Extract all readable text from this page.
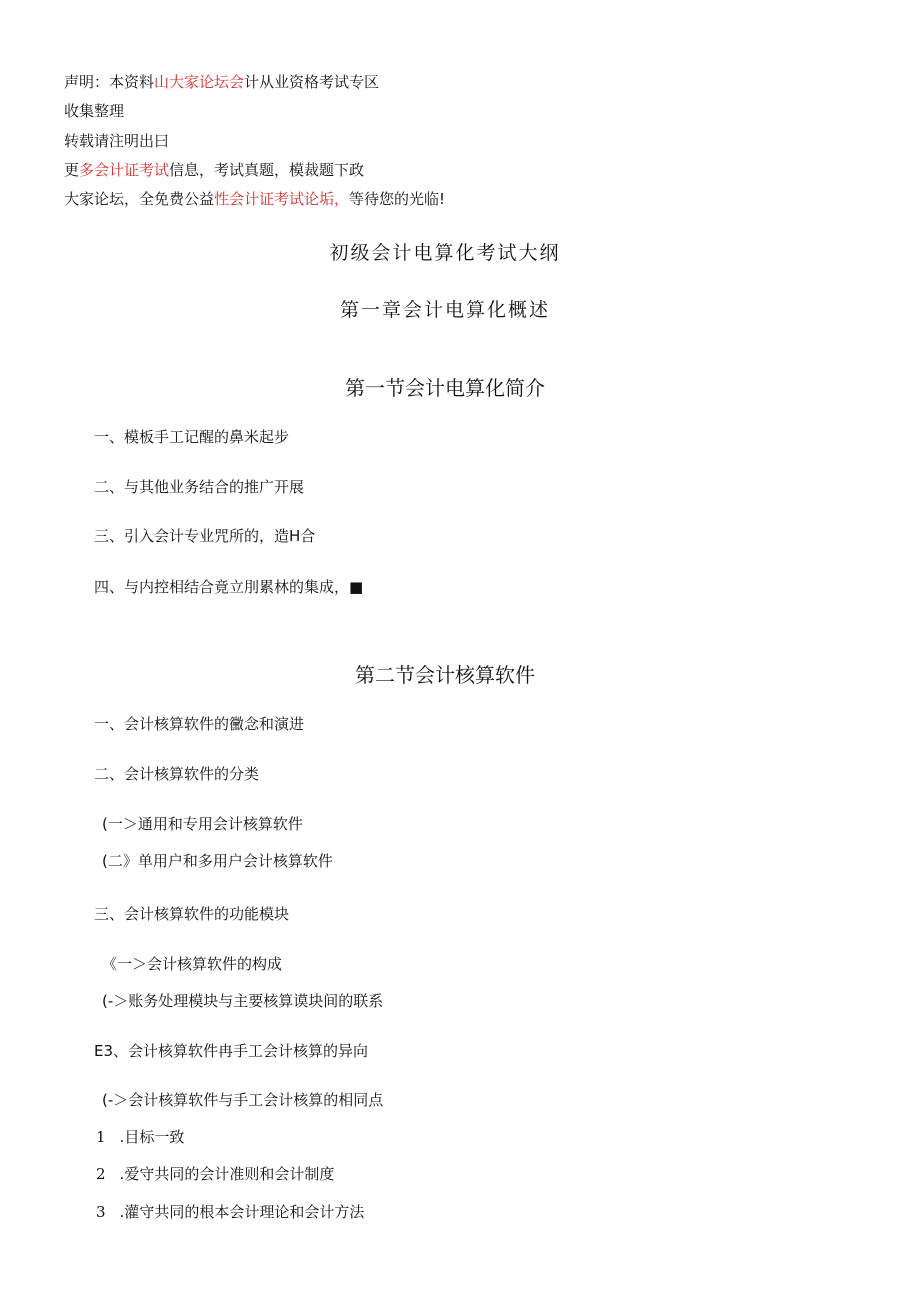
声明：本资料山大家论坛会计从业资格考试专区
收集整理
转载请注明出曰
更多会计证考试信息，考试真题，模裁题下政
大家论坛，全免费公益性会计证考试论垢，等待您的光临!
初级会计电算化考试大纲
第一章会计电算化概述
第一节会计电算化简介
一、模板手工记醒的鼻米起步
二、与其他业务结合的推广开展
三、引入会计专业咒所的，造H合
四、与内控相结合竟立刖累林的集成，■
第二节会计核算软件
一、会计核算软件的黴念和演进
二、会计核算软件的分类
(一＞通用和专用会计核算软件
(二》单用户和多用户会计核算软件
三、会计核算软件的功能模块
《一＞会计核算软件的构成
(-＞账务处理模块与主要核算谟块间的联系
E3、会计核算软件冉手工会计核算的异向
(-＞会计核算软件与手工会计核算的相同点
1 .目标一致
2 .爱守共同的会计准则和会计制度
3 .灌守共同的根本会计理论和会计方法
